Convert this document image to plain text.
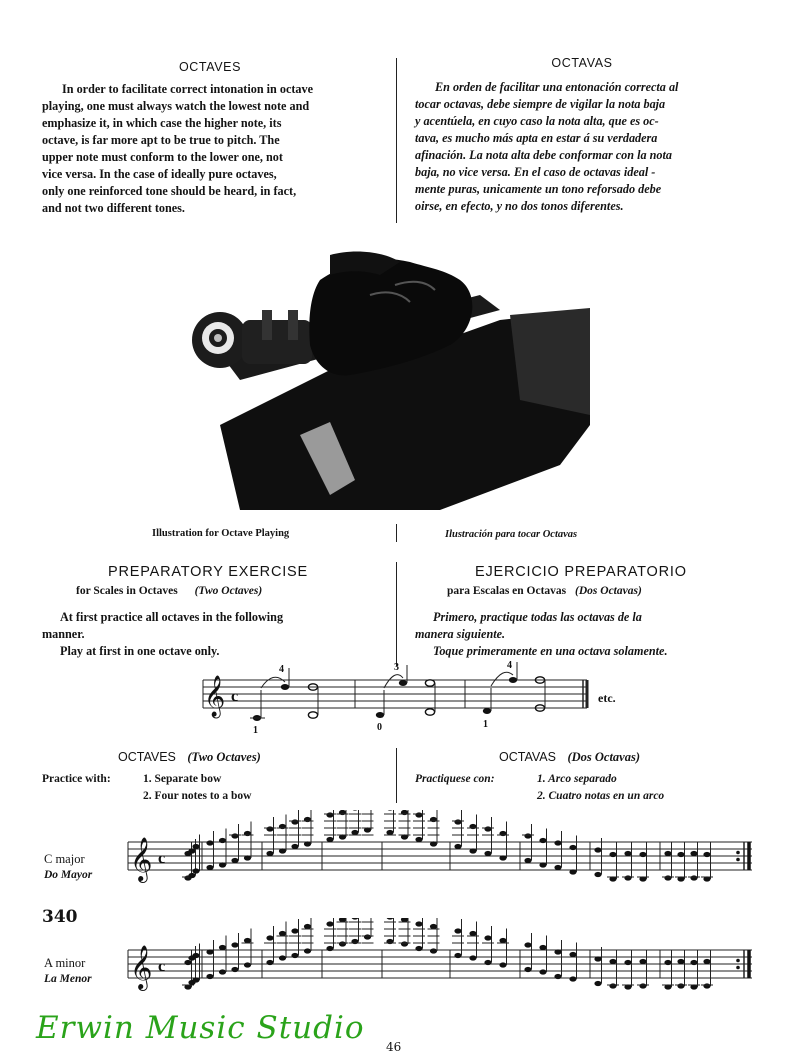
OCTAVES	OCTAVAS
In order to facilitate correct intonation in octave
playing, one must always watch the lowest note and
emphasize it, in which case the higher note, its
octave, is far more apt to be true to pitch. The
upper note must conform to the lower one, not
vice versa. In the case of ideally pure octaves,
only one reinforced tone should be heard, in fact,
and not two different tones.
En orden de facilitar una entonación correcta al
tocar octavas, debe siempre de vigilar la nota baja
y acentúela, en cuyo caso la nota alta, que es oc-
tava, es mucho más apta en estar á su verdadera
afinación. La nota alta debe conformar con la nota
baja, no vice versa. En el caso de octavas ideal -
mente puras, unicamente un tono reforsado debe
oirse, en efecto, y no dos tonos diferentes.
Illustration for Octave Playing	Ilustración para tocar Octavas
PREPARATORY EXERCISE	EJERCICIO PREPARATORIO
for Scales in Octaves (Two Octaves)	para Escalas en Octavas (Dos Octavas)
At first practice all octaves in the following
manner.
Play at first in one octave only.
Primero, practique todas las octavas de la
manera siguiente.
Toque primeramente en una octava solamente.
𝄞 c
4	3	4
1	0	1
etc.
OCTAVES (Two Octaves)	OCTAVAS (Dos Octavas)
Practice with:	1. Separate bow
2. Four notes to a bow
Practiquese con:	1. Arco separado
2. Cuatro notas en un arco
C major
Do Mayor
340
A minor
La Menor
𝄞 c
𝄞 c
Erwin Music Studio
46
